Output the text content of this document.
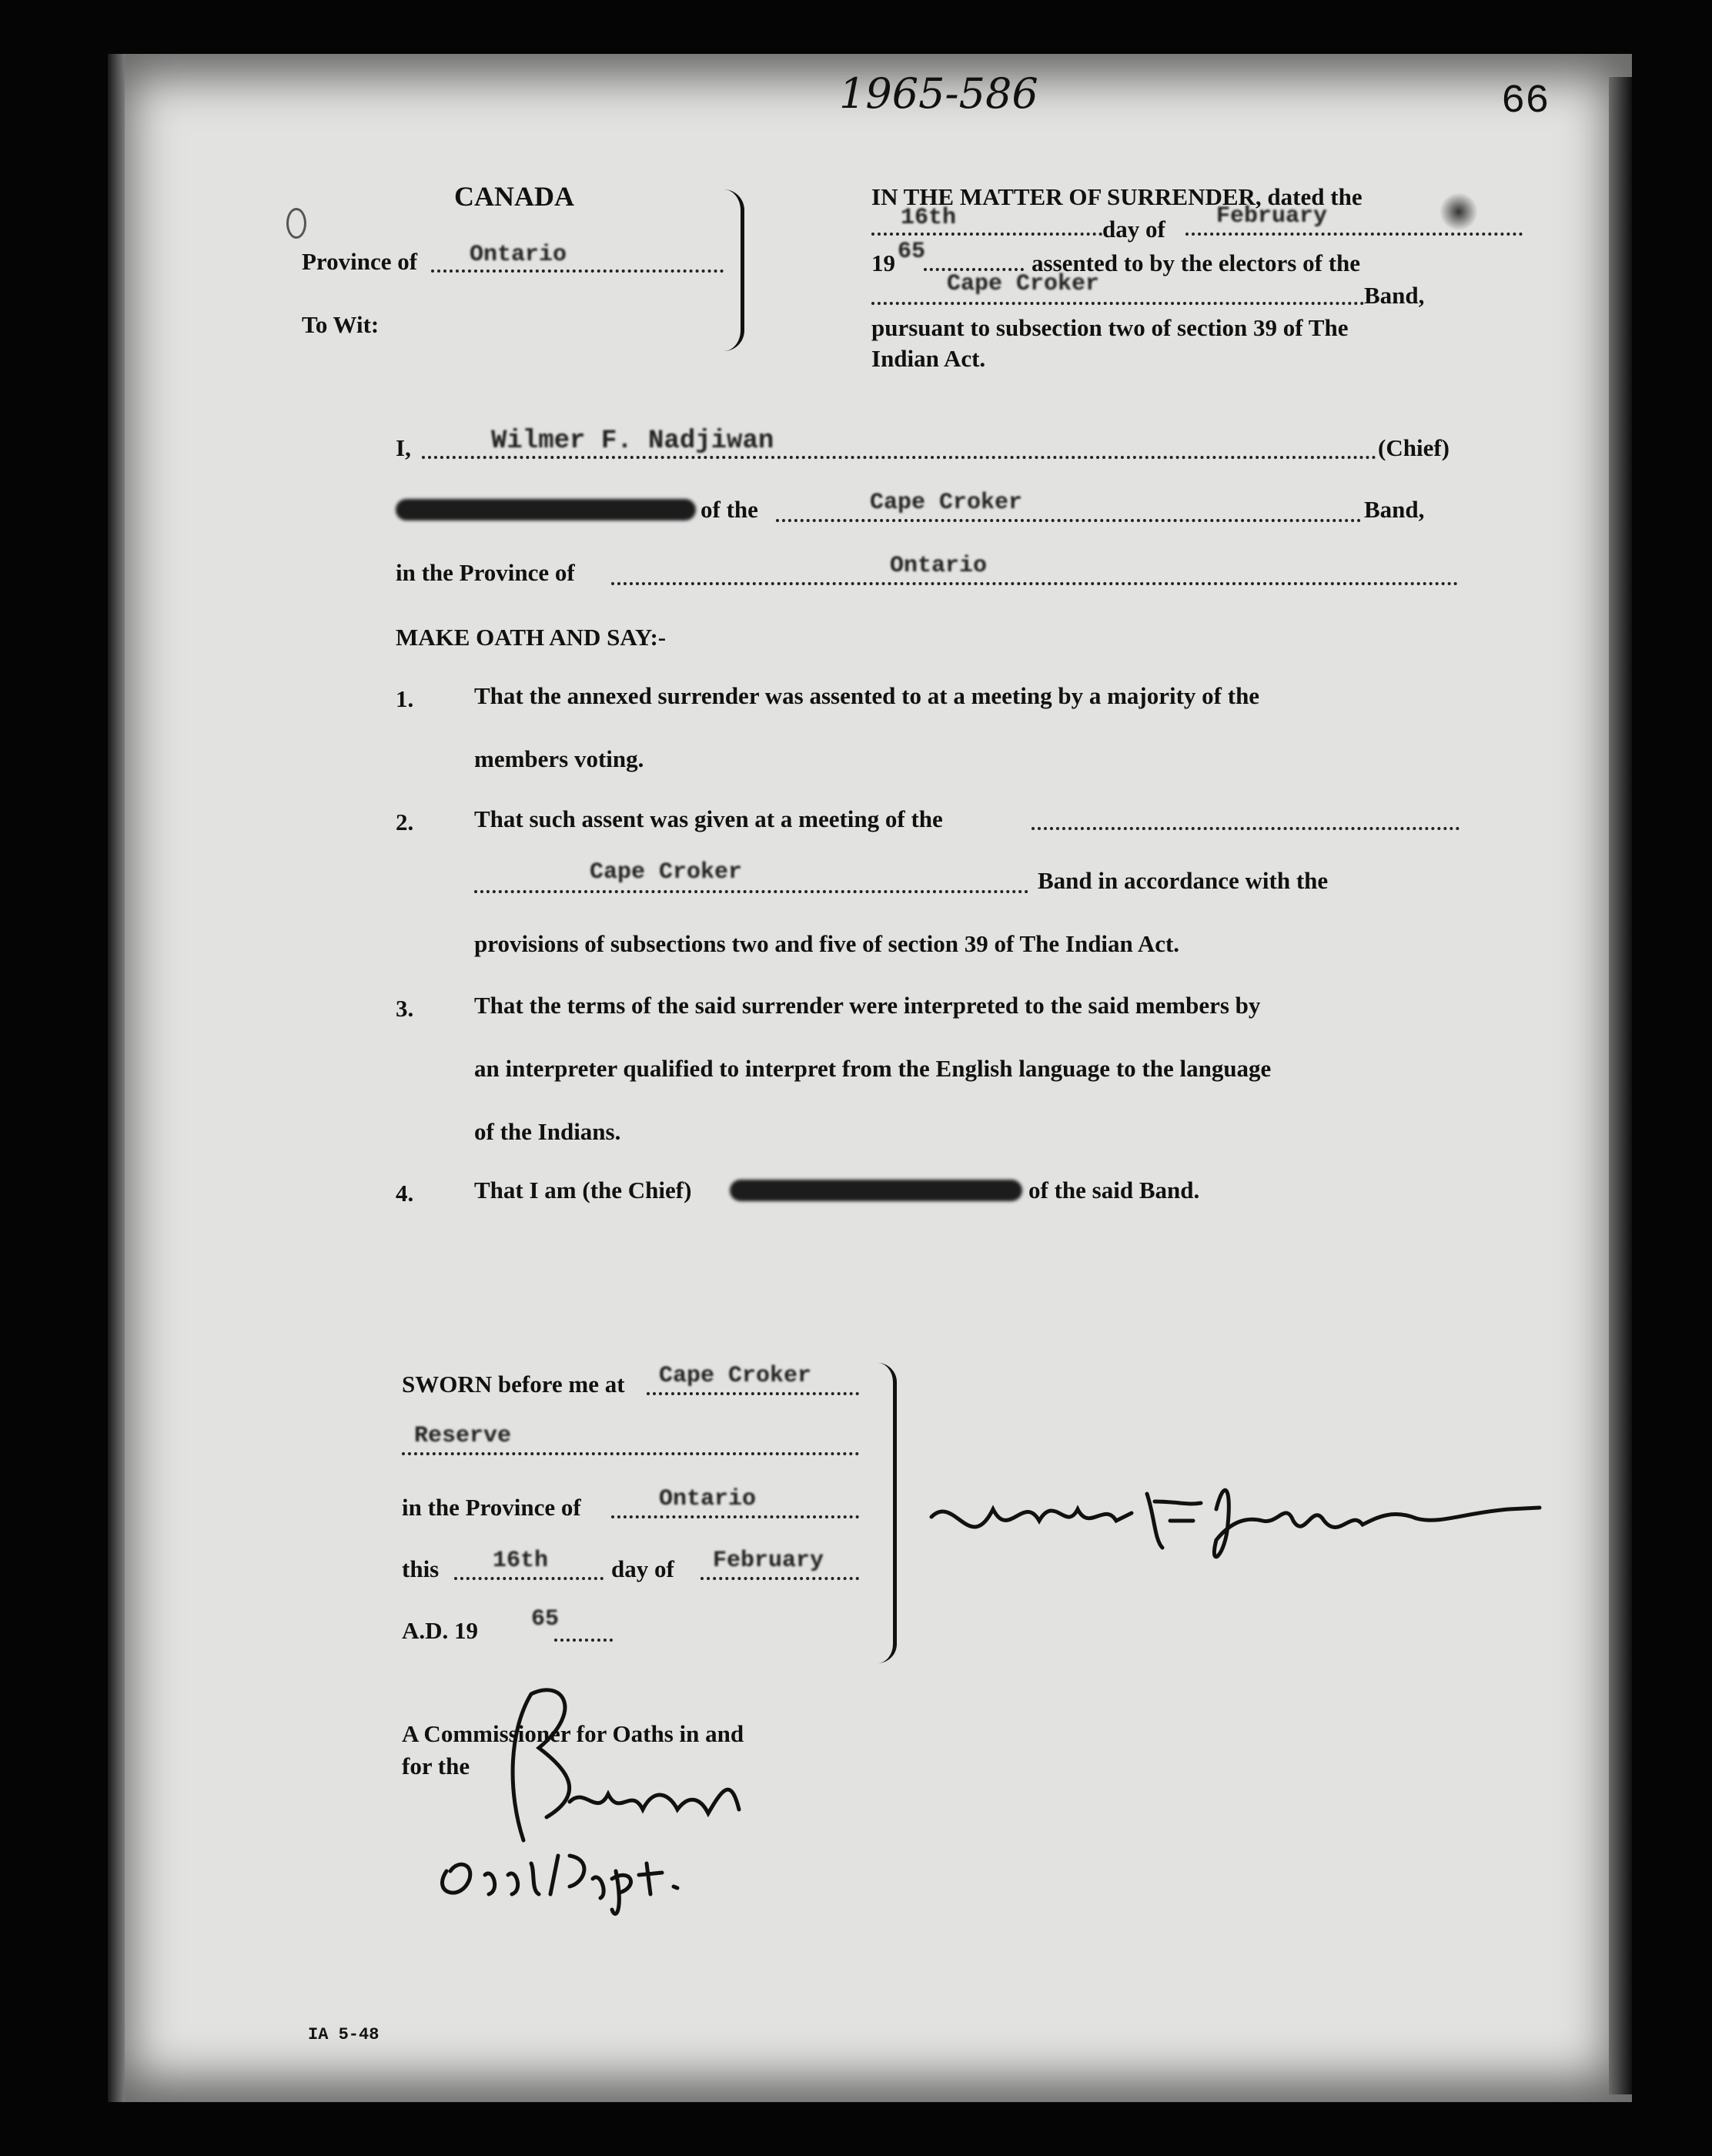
1965-586	66
CANADA
Province of Ontario
To Wit:
IN THE MATTER OF SURRENDER, dated the
16th	day of February
19 65	assented to by the electors of the
Cape Croker	Band,
pursuant to subsection two of section 39 of The
Indian Act.
I,	Wilmer F. Nadjiwan	(Chief)
of the	Cape Croker	Band,
in the Province of	Ontario
MAKE OATH AND SAY:-
1.	That the annexed surrender was assented to at a meeting by a majority of the
members voting.
2.	That such assent was given at a meeting of the
Cape Croker	Band in accordance with the
provisions of subsections two and five of section 39 of The Indian Act.
3.	That the terms of the said surrender were interpreted to the said members by
an interpreter qualified to interpret from the English language to the language
of the Indians.
4.	That I am (the Chief)	of the said Band.
SWORN before me at Cape Croker
Reserve
in the Province of	Ontario
this 16th	day of February
A.D. 19 65
A Commissioner for Oaths in and
for the
IA 5-48
